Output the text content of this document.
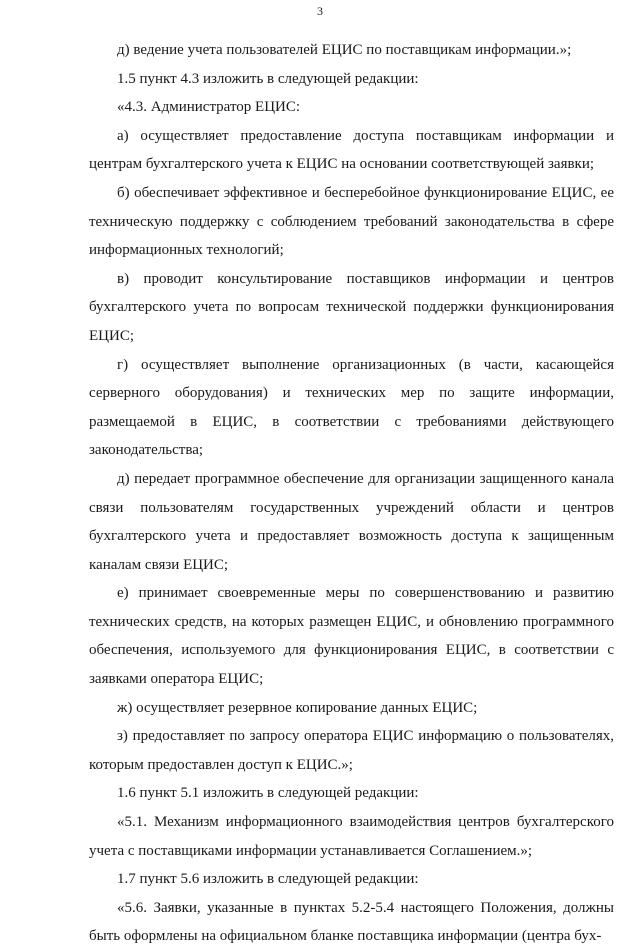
3

д) ведение учета пользователей ЕЦИС по поставщикам информации.»;

1.5 пункт 4.3 изложить в следующей редакции:

«4.3. Администратор ЕЦИС:

а) осуществляет предоставление доступа поставщикам информации и центрам бухгалтерского учета к ЕЦИС на основании соответствующей заявки;

б) обеспечивает эффективное и бесперебойное функционирование ЕЦИС, ее техническую поддержку с соблюдением требований законодательства в сфере информационных технологий;

в) проводит консультирование поставщиков информации и центров бухгалтерского учета по вопросам технической поддержки функционирования ЕЦИС;

г) осуществляет выполнение организационных (в части, касающейся серверного оборудования) и технических мер по защите информации, размещаемой в ЕЦИС, в соответствии с требованиями действующего законодательства;

д) передает программное обеспечение для организации защищенного канала связи пользователям государственных учреждений области и центров бухгалтерского учета и предоставляет возможность доступа к защищенным каналам связи ЕЦИС;

е) принимает своевременные меры по совершенствованию и развитию технических средств, на которых размещен ЕЦИС, и обновлению программного обеспечения, используемого для функционирования ЕЦИС, в соответствии с заявками оператора ЕЦИС;

ж) осуществляет резервное копирование данных ЕЦИС;

з) предоставляет по запросу оператора ЕЦИС информацию о пользователях, которым предоставлен доступ к ЕЦИС.»;

1.6 пункт 5.1 изложить в следующей редакции:

«5.1. Механизм информационного взаимодействия центров бухгалтерского учета с поставщиками информации устанавливается Соглашением.»;

1.7 пункт 5.6 изложить в следующей редакции:

«5.6. Заявки, указанные в пунктах 5.2-5.4 настоящего Положения, должны быть оформлены на официальном бланке поставщика информации (центра бух-
